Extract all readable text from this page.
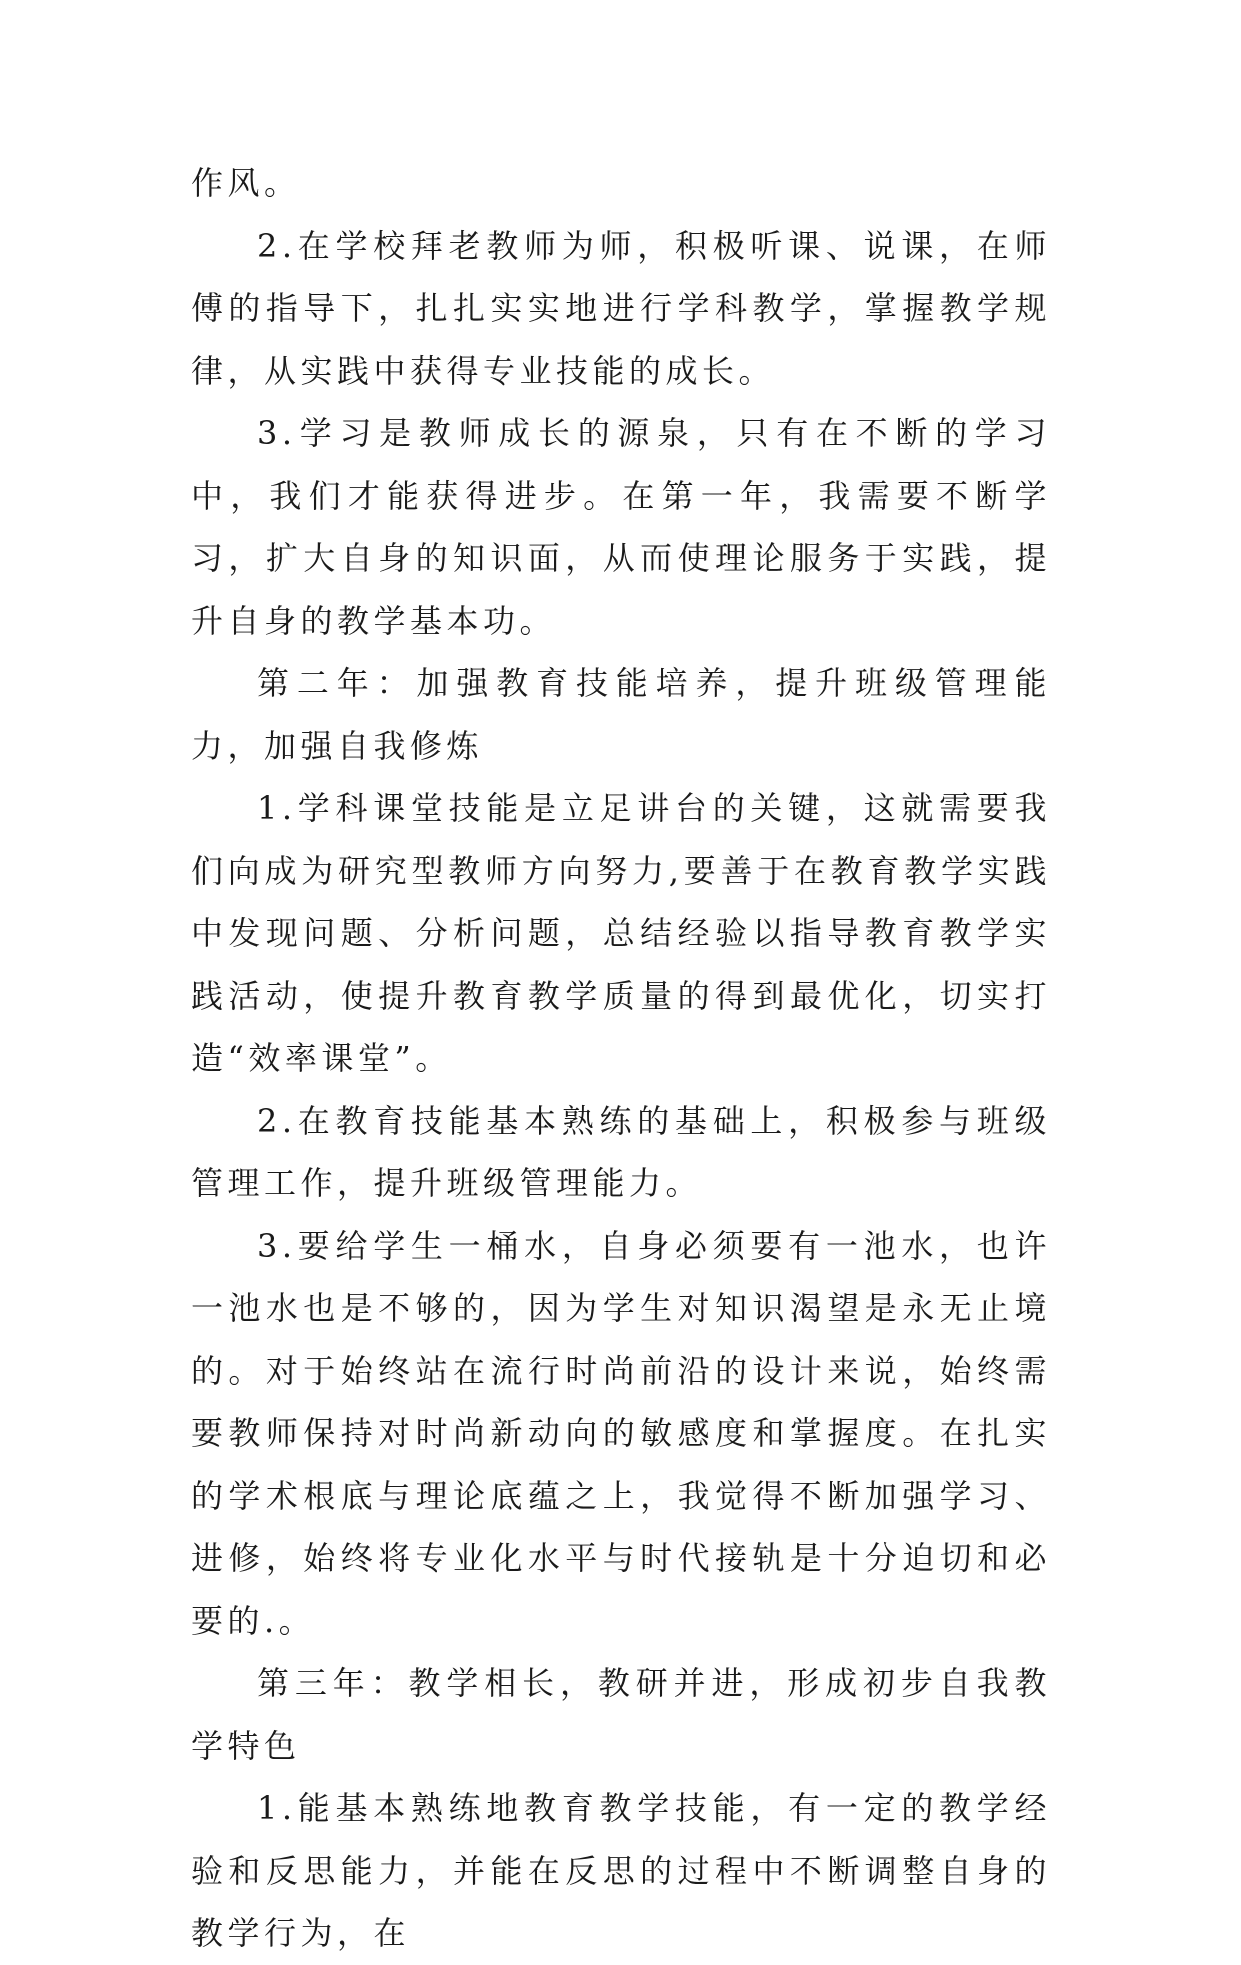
作风。

2.在学校拜老教师为师，积极听课、说课，在师傅的指导下，扎扎实实地进行学科教学，掌握教学规律，从实践中获得专业技能的成长。

3.学习是教师成长的源泉，只有在不断的学习中，我们才能获得进步。在第一年，我需要不断学习，扩大自身的知识面，从而使理论服务于实践，提升自身的教学基本功。

第二年：加强教育技能培养，提升班级管理能力，加强自我修炼

1.学科课堂技能是立足讲台的关键，这就需要我们向成为研究型教师方向努力,要善于在教育教学实践中发现问题、分析问题，总结经验以指导教育教学实践活动，使提升教育教学质量的得到最优化，切实打造“效率课堂”。

2.在教育技能基本熟练的基础上，积极参与班级管理工作，提升班级管理能力。

3.要给学生一桶水，自身必须要有一池水，也许一池水也是不够的，因为学生对知识渴望是永无止境的。对于始终站在流行时尚前沿的设计来说，始终需要教师保持对时尚新动向的敏感度和掌握度。在扎实的学术根底与理论底蕴之上，我觉得不断加强学习、进修，始终将专业化水平与时代接轨是十分迫切和必要的.。

第三年：教学相长，教研并进，形成初步自我教学特色

1.能基本熟练地教育教学技能，有一定的教学经验和反思能力，并能在反思的过程中不断调整自身的教学行为，在
